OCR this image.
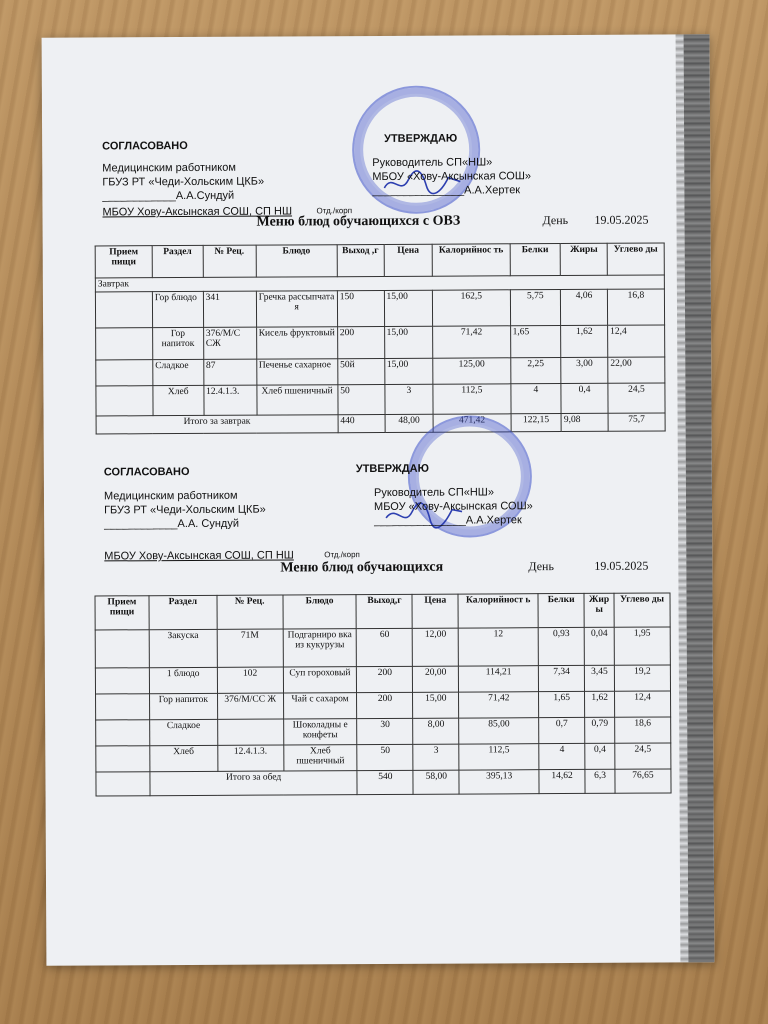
СОГЛАСОВАНО
Медицинским работником
ГБУЗ РТ «Чеди-Хольским ЦКБ»
____________А.А.Сундуй
УТВЕРЖДАЮ
Руководитель СП«НШ»
МБОУ «Хову-Аксынская СОШ»
_______________А.А.Хертек
МБОУ Хову-Аксынская СОШ, СП НШ	Отд./корп
Меню блюд обучающихся с ОВЗ	День 19.05.2025
Прием пищи	Раздел	№ Рец.	Блюдо	Выход ,г	Цена	Калорийнос ть	Белки	Жиры	Углево ды
Завтрак									
	Гор блюдо	341	Гречка рассыпчата я	150	15,00	162,5	5,75	4,06	16,8
	Гор напиток	376/М/С СЖ	Кисель фруктовый	200	15,00	71,42	1,65	1,62	12,4
	Сладкое	87	Печенье сахарное	50й	15,00	125,00	2,25	3,00	22,00
	Хлеб	12.4.1.3.	Хлеб пшеничный	50	3	112,5	4	0,4	24,5
Итого за завтрак				440	48,00	471,42	122,15	9,08	75,7
СОГЛАСОВАНО
Медицинским работником
ГБУЗ РТ «Чеди-Хольским ЦКБ»
____________А.А. Сундуй
УТВЕРЖДАЮ
Руководитель СП«НШ»
МБОУ «Хову-Аксынская СОШ»
_______________А.А.Хертек
МБОУ Хову-Аксынская СОШ, СП НШ	Отд./корп
Меню блюд обучающихся	День	19.05.2025
Прием пищи	Раздел	№ Рец.	Блюдо	Выход,г	Цена	Калорийност ь	Белки	Жир ы	Углево ды
	Закуска	71М	Подгарниро вка из кукурузы	60	12,00	12	0,93	0,04	1,95
	1 блюдо	102	Суп гороховый	200	20,00	114,21	7,34	3,45	19,2
	Гор напиток	376/М/СС Ж	Чай с сахаром	200	15,00	71,42	1,65	1,62	12,4
	Сладкое		Шоколадны е конфеты	30	8,00	85,00	0,7	0,79	18,6
	Хлеб	12.4.1.3.	Хлеб пшеничный	50	3	112,5	4	0,4	24,5
	Итого за обед			540	58,00	395,13	14,62	6,3	76,65
